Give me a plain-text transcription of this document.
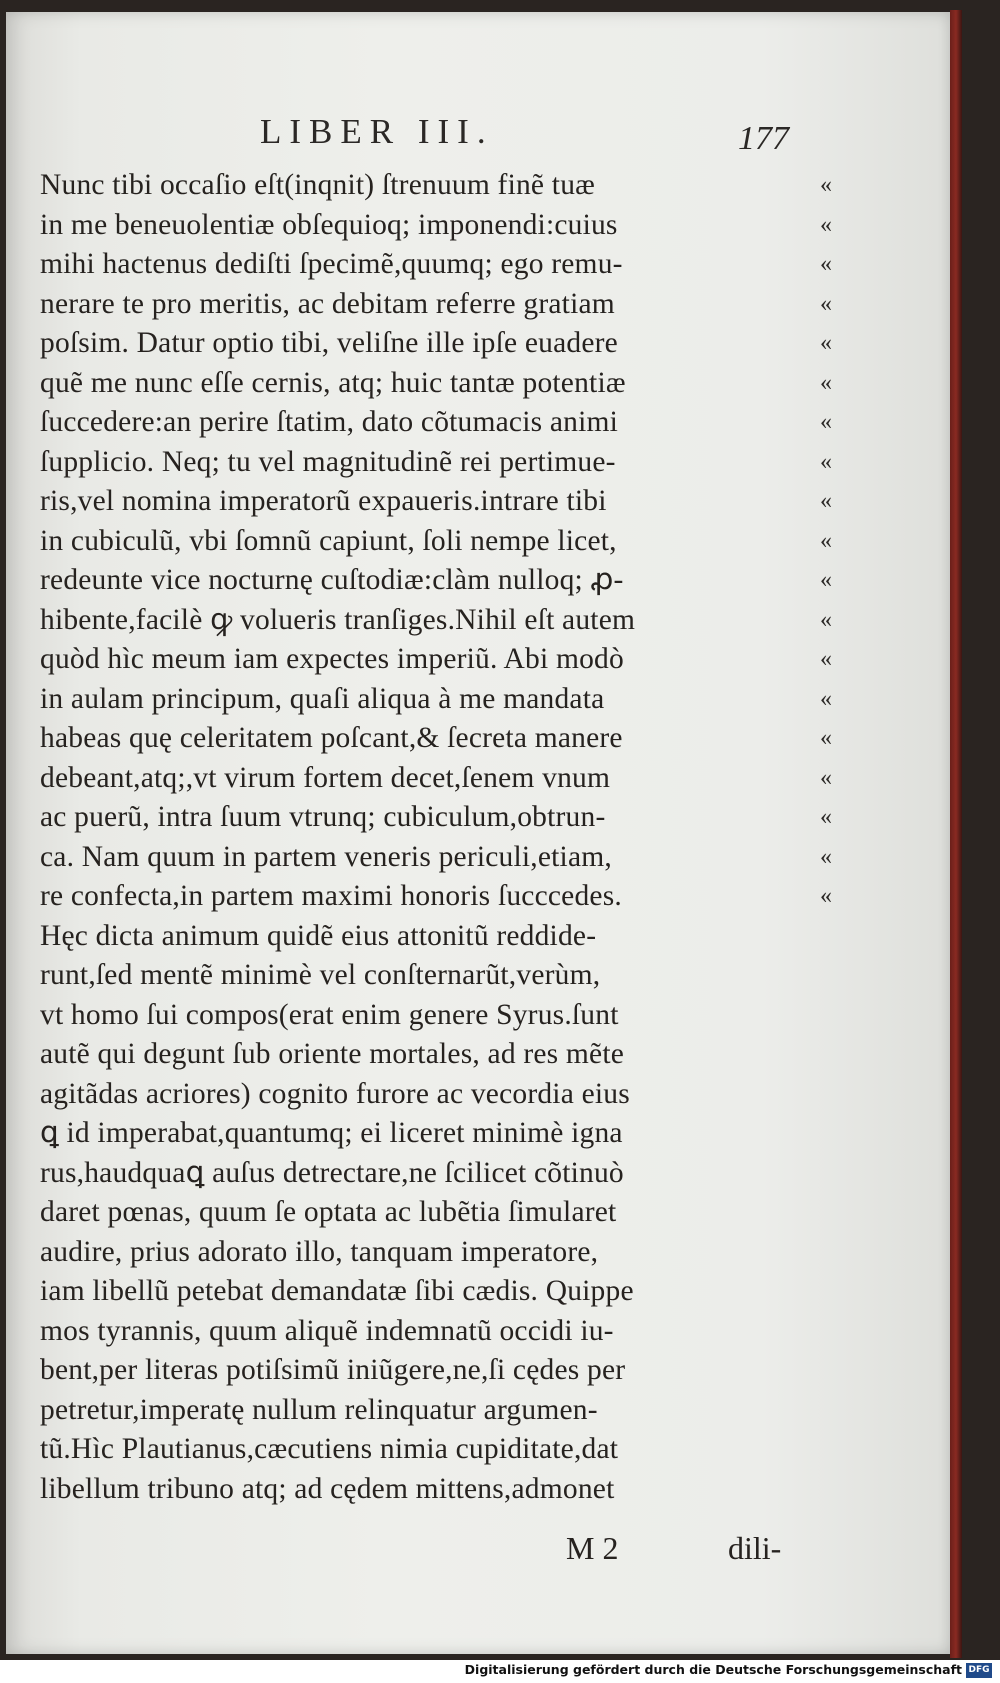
LIBER III.	177
Nunc tibi occaſio eſt(inqnit) ſtrenuum finẽ tuæ
in me beneuolentiæ obſequioq; imponendi:cuius
mihi hactenus dediſti ſpecimẽ,quumq; ego remu-
nerare te pro meritis, ac debitam referre gratiam
poſsim. Datur optio tibi, veliſne ille ipſe euadere
quẽ me nunc eſſe cernis, atq; huic tantæ potentiæ
ſuccedere:an perire ſtatim, dato cõtumacis animi
ſupplicio. Neq; tu vel magnitudinẽ rei pertimue-
ris,vel nomina imperatorũ expaueris.intrare tibi
in cubiculũ, vbi ſomnũ capiunt, ſoli nempe licet,
redeunte vice nocturnę cuſtodiæ:clàm nulloq; ꝓ-
hibente,facilè ꝙ volueris tranſiges.Nihil eſt autem
quòd hìc meum iam expectes imperiũ. Abi modò
in aulam principum, quaſi aliqua à me mandata
habeas quę celeritatem poſcant,& ſecreta manere
debeant,atq;,vt virum fortem decet,ſenem vnum
ac puerũ, intra ſuum vtrunq; cubiculum,obtrun-
ca. Nam quum in partem veneris periculi,etiam,
re confecta,in partem maximi honoris ſucccedes.
Hęc dicta animum quidẽ eius attonitũ reddide-
runt,ſed mentẽ minimè vel conſternarũt,verùm,
vt homo ſui compos(erat enim genere Syrus.ſunt
autẽ qui degunt ſub oriente mortales, ad res mẽte
agitãdas acriores) cognito furore ac vecordia eius
ꝗ id imperabat,quantumq; ei liceret minimè igna
rus,haudquaꝗ auſus detrectare,ne ſcilicet cõtinuò
daret pœnas, quum ſe optata ac lubẽtia ſimularet
audire, prius adorato illo, tanquam imperatore,
iam libellũ petebat demandatæ ſibi cædis. Quippe
mos tyrannis, quum aliquẽ indemnatũ occidi iu-
bent,per literas potiſsimũ iniũgere,ne,ſi cędes per
petretur,imperatę nullum relinquatur argumen-
tũ.Hìc Plautianus,cæcutiens nimia cupiditate,dat
libellum tribuno atq; ad cędem mittens,admonet
«
«
«
«
«
«
«
«
«
«
«
«
«
«
«
«
«
«
«
M 2	dili-
Digitalisierung gefördert durch die Deutsche Forschungsgemeinschaft DFG
